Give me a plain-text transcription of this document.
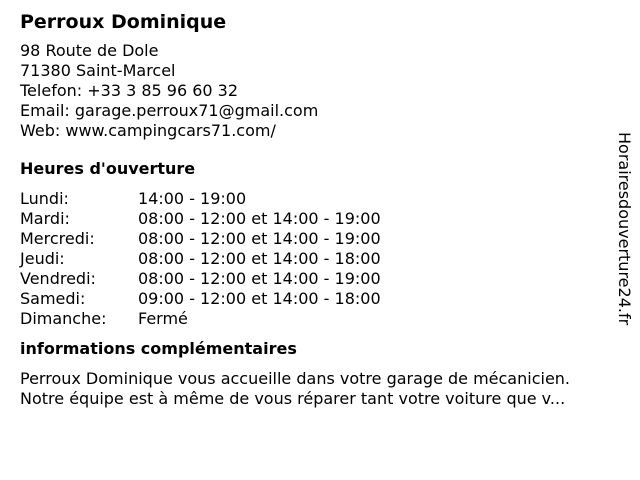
Perroux Dominique
98 Route de Dole
71380 Saint-Marcel
Telefon: +33 3 85 96 60 32
Email: garage.perroux71@gmail.com
Web: www.campingcars71.com/
Heures d'ouverture
Lundi:	14:00 - 19:00
Mardi:	08:00 - 12:00 et 14:00 - 19:00
Mercredi:	08:00 - 12:00 et 14:00 - 19:00
Jeudi:	08:00 - 12:00 et 14:00 - 18:00
Vendredi:	08:00 - 12:00 et 14:00 - 19:00
Samedi:	09:00 - 12:00 et 14:00 - 18:00
Dimanche: Fermé
informations complémentaires
Perroux Dominique vous accueille dans votre garage de mécanicien.
Notre équipe est à même de vous réparer tant votre voiture que v...
Horairesdouverture24.fr
